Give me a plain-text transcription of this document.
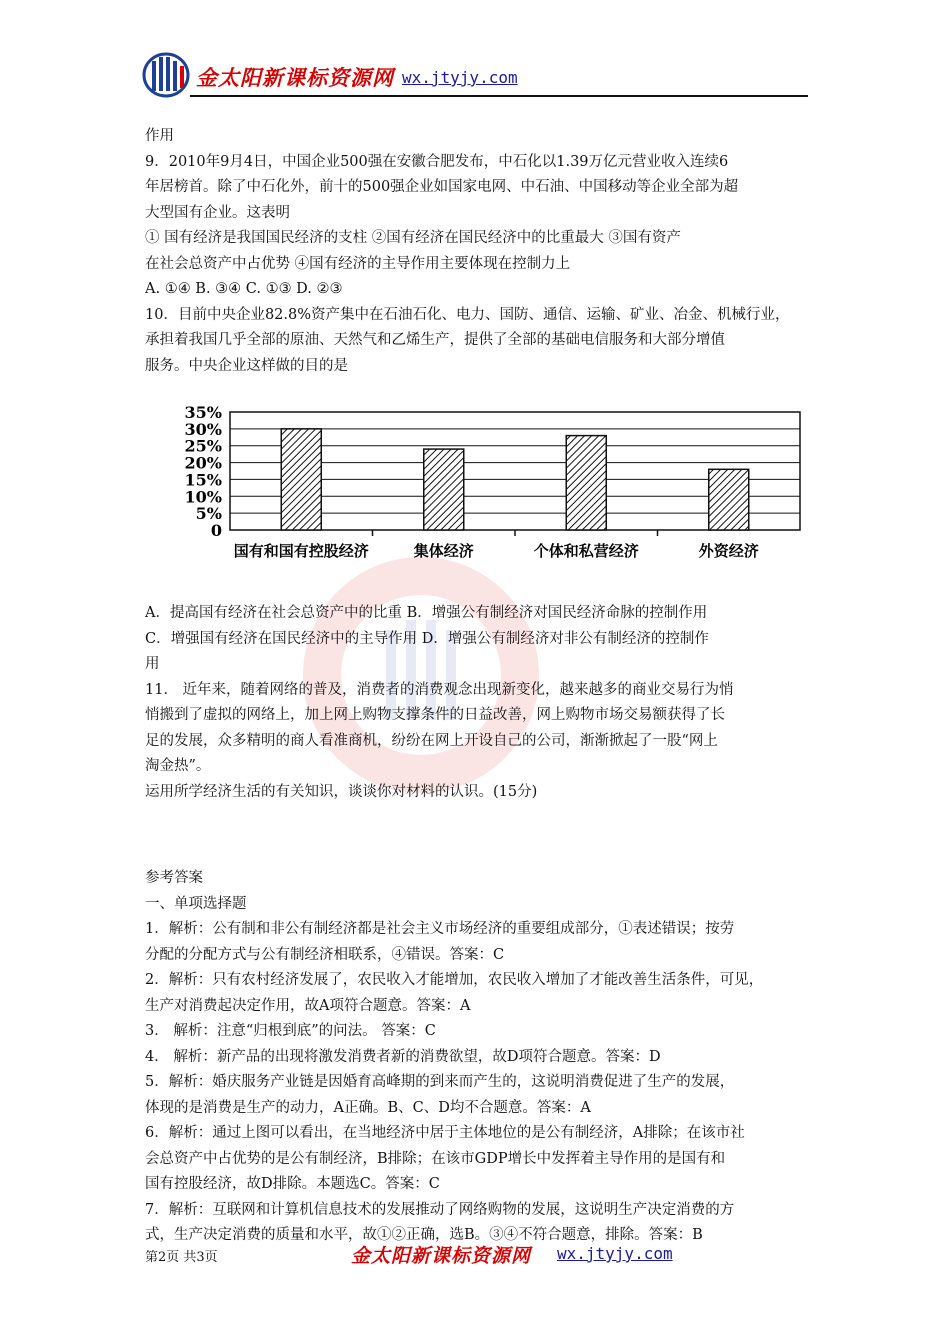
金太阳新课标资源网 wx.jtyjy.com
作用
9．2010年9月4日，中国企业500强在安徽合肥发布，中石化以1.39万亿元营业收入连续6
年居榜首。除了中石化外，前十的500强企业如国家电网、中石油、中国移动等企业全部为超
大型国有企业。这表明
① 国有经济是我国国民经济的支柱 ②国有经济在国民经济中的比重最大 ③国有资产
在社会总资产中占优势 ④国有经济的主导作用主要体现在控制力上
A. ①④ B. ③④ C. ①③ D. ②③
10．目前中央企业82.8%资产集中在石油石化、电力、国防、通信、运输、矿业、冶金、机械行业，
承担着我国几乎全部的原油、天然气和乙烯生产，提供了全部的基础电信服务和大部分增值
服务。中央企业这样做的目的是
A．提高国有经济在社会总资产中的比重 B．增强公有制经济对国民经济命脉的控制作用
C．增强国有经济在国民经济中的主导作用 D．增强公有制经济对非公有制经济的控制作
用
11． 近年来，随着网络的普及，消费者的消费观念出现新变化，越来越多的商业交易行为悄
悄搬到了虚拟的网络上，加上网上购物支撑条件的日益改善，网上购物市场交易额获得了长
足的发展，众多精明的商人看准商机，纷纷在网上开设自己的公司，渐渐掀起了一股“网上
淘金热”。
运用所学经济生活的有关知识，谈谈你对材料的认识。(15分)
参考答案
一、单项选择题
1．解析：公有制和非公有制经济都是社会主义市场经济的重要组成部分，①表述错误；按劳
分配的分配方式与公有制经济相联系，④错误。答案：C
2．解析：只有农村经济发展了，农民收入才能增加，农民收入增加了才能改善生活条件，可见，
生产对消费起决定作用，故A项符合题意。答案：A
3． 解析：注意“归根到底”的问法。 答案：C
4． 解析：新产品的出现将激发消费者新的消费欲望，故D项符合题意。答案：D
5．解析：婚庆服务产业链是因婚育高峰期的到来而产生的，这说明消费促进了生产的发展，
体现的是消费是生产的动力，A正确。B、C、D均不合题意。答案：A
6．解析：通过上图可以看出，在当地经济中居于主体地位的是公有制经济，A排除；在该市社
会总资产中占优势的是公有制经济，B排除；在该市GDP增长中发挥着主导作用的是国有和
国有控股经济，故D排除。本题选C。答案：C
7．解析：互联网和计算机信息技术的发展推动了网络购物的发展，这说明生产决定消费的方
式，生产决定消费的质量和水平，故①②正确，选B。③④不符合题意，排除。答案：B
35%
30%
25%
20%
15%
10%
5%
0
国有和国有控股经济	集体经济	个体和私营经济	外资经济
第2页 共3页	金太阳新课标资源网 wx.jtyjy.com
